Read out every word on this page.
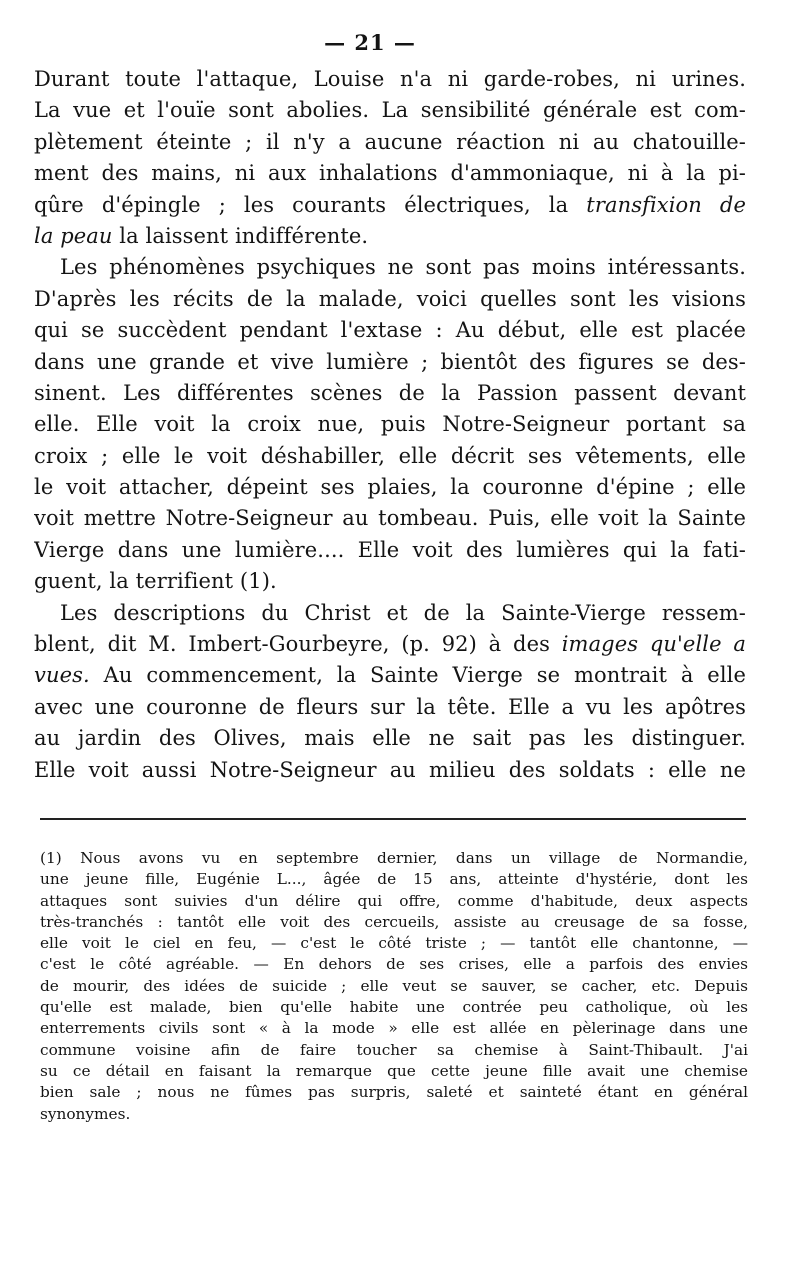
— 21 —
Durant toute l'attaque, Louise n'a ni garde-robes, ni urines.
La vue et l'ouïe sont abolies. La sensibilité générale est com-
plètement éteinte ; il n'y a aucune réaction ni au chatouille-
ment des mains, ni aux inhalations d'ammoniaque, ni à la pi-
qûre d'épingle ; les courants électriques, la transfixion de
la peau la laissent indifférente.
Les phénomènes psychiques ne sont pas moins intéressants.
D'après les récits de la malade, voici quelles sont les visions
qui se succèdent pendant l'extase : Au début, elle est placée
dans une grande et vive lumière ; bientôt des figures se des-
sinent. Les différentes scènes de la Passion passent devant
elle. Elle voit la croix nue, puis Notre-Seigneur portant sa
croix ; elle le voit déshabiller, elle décrit ses vêtements, elle
le voit attacher, dépeint ses plaies, la couronne d'épine ; elle
voit mettre Notre-Seigneur au tombeau. Puis, elle voit la Sainte
Vierge dans une lumière.... Elle voit des lumières qui la fati-
guent, la terrifient (1).
Les descriptions du Christ et de la Sainte-Vierge ressem-
blent, dit M. Imbert-Gourbeyre, (p. 92) à des images qu'elle a
vues. Au commencement, la Sainte Vierge se montrait à elle
avec une couronne de fleurs sur la tête. Elle a vu les apôtres
au jardin des Olives, mais elle ne sait pas les distinguer.
Elle voit aussi Notre-Seigneur au milieu des soldats : elle ne
(1) Nous avons vu en septembre dernier, dans un village de Normandie,
une jeune fille, Eugénie L..., âgée de 15 ans, atteinte d'hystérie, dont les
attaques sont suivies d'un délire qui offre, comme d'habitude, deux aspects
très-tranchés : tantôt elle voit des cercueils, assiste au creusage de sa fosse,
elle voit le ciel en feu, — c'est le côté triste ; — tantôt elle chantonne, —
c'est le côté agréable. — En dehors de ses crises, elle a parfois des envies
de mourir, des idées de suicide ; elle veut se sauver, se cacher, etc. Depuis
qu'elle est malade, bien qu'elle habite une contrée peu catholique, où les
enterrements civils sont « à la mode » elle est allée en pèlerinage dans une
commune voisine afin de faire toucher sa chemise à Saint-Thibault. J'ai
su ce détail en faisant la remarque que cette jeune fille avait une chemise
bien sale ; nous ne fûmes pas surpris, saleté et sainteté étant en général
synonymes.
